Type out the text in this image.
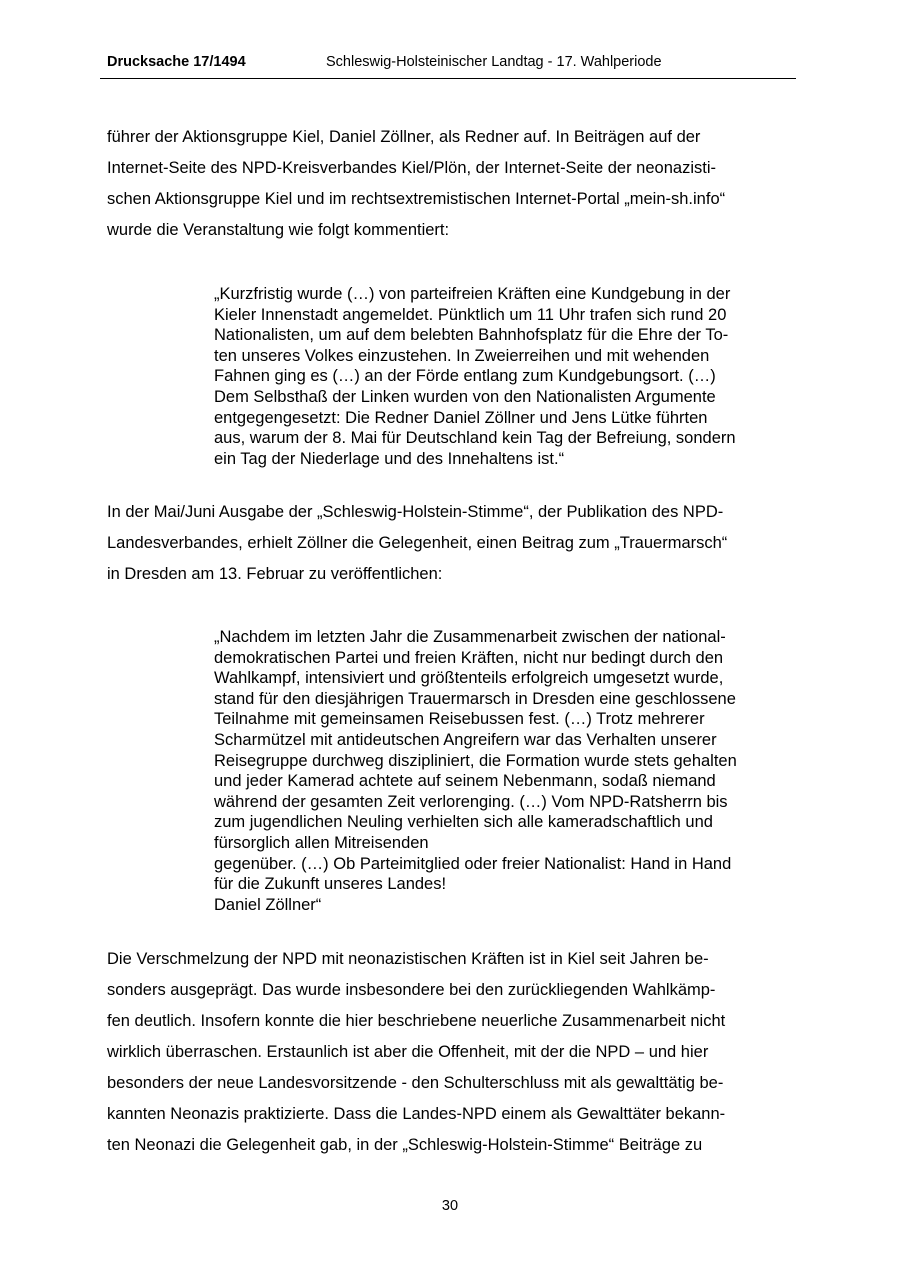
Drucksache 17/1494	Schleswig-Holsteinischer Landtag - 17. Wahlperiode

führer der Aktionsgruppe Kiel, Daniel Zöllner, als Redner auf. In Beiträgen auf der
Internet-Seite des NPD-Kreisverbandes Kiel/Plön, der Internet-Seite der neonazisti-
schen Aktionsgruppe Kiel und im rechtsextremistischen Internet-Portal „mein-sh.info“
wurde die Veranstaltung wie folgt kommentiert:

„Kurzfristig wurde (…) von parteifreien Kräften eine Kundgebung in der
Kieler Innenstadt angemeldet. Pünktlich um 11 Uhr trafen sich rund 20
Nationalisten, um auf dem belebten Bahnhofsplatz für die Ehre der To-
ten unseres Volkes einzustehen. In Zweierreihen und mit wehenden
Fahnen ging es (…) an der Förde entlang zum Kundgebungsort. (…)
Dem Selbsthaß der Linken wurden von den Nationalisten Argumente
entgegengesetzt: Die Redner Daniel Zöllner und Jens Lütke führten
aus, warum der 8. Mai für Deutschland kein Tag der Befreiung, sondern
ein Tag der Niederlage und des Innehaltens ist.“

In der Mai/Juni Ausgabe der „Schleswig-Holstein-Stimme“, der Publikation des NPD-
Landesverbandes, erhielt Zöllner die Gelegenheit, einen Beitrag zum „Trauermarsch“
in Dresden am 13. Februar zu veröffentlichen:

„Nachdem im letzten Jahr die Zusammenarbeit zwischen der national-
demokratischen Partei und freien Kräften, nicht nur bedingt durch den
Wahlkampf, intensiviert und größtenteils erfolgreich umgesetzt wurde,
stand für den diesjährigen Trauermarsch in Dresden eine geschlossene
Teilnahme mit gemeinsamen Reisebussen fest. (…) Trotz mehrerer
Scharmützel mit antideutschen Angreifern war das Verhalten unserer
Reisegruppe durchweg diszipliniert, die Formation wurde stets gehalten
und jeder Kamerad achtete auf seinem Nebenmann, sodaß niemand
während der gesamten Zeit verlorenging. (…) Vom NPD-Ratsherrn bis
zum jugendlichen Neuling verhielten sich alle kameradschaftlich und
fürsorglich allen Mitreisenden
gegenüber. (…) Ob Parteimitglied oder freier Nationalist: Hand in Hand
für die Zukunft unseres Landes!
Daniel Zöllner“

Die Verschmelzung der NPD mit neonazistischen Kräften ist in Kiel seit Jahren be-
sonders ausgeprägt. Das wurde insbesondere bei den zurückliegenden Wahlkämp-
fen deutlich. Insofern konnte die hier beschriebene neuerliche Zusammenarbeit nicht
wirklich überraschen. Erstaunlich ist aber die Offenheit, mit der die NPD – und hier
besonders der neue Landesvorsitzende - den Schulterschluss mit als gewalttätig be-
kannten Neonazis praktizierte. Dass die Landes-NPD einem als Gewalttäter bekann-
ten Neonazi die Gelegenheit gab, in der „Schleswig-Holstein-Stimme“ Beiträge zu

30
